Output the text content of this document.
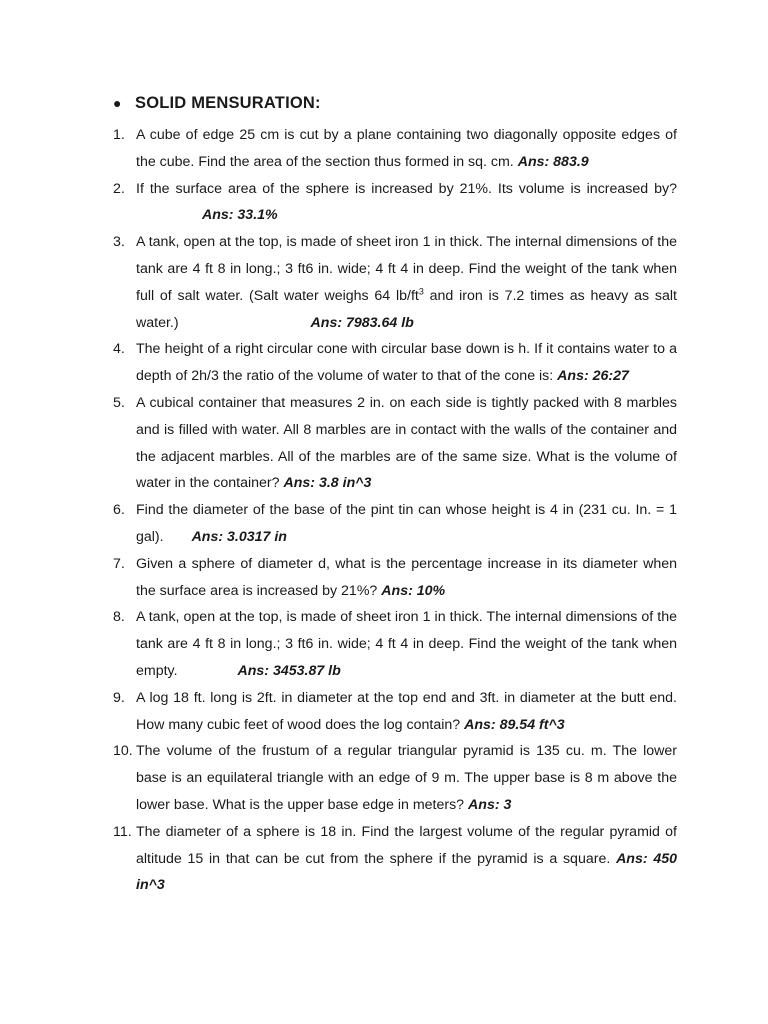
● SOLID MENSURATION:
1. A cube of edge 25 cm is cut by a plane containing two diagonally opposite edges of the cube. Find the area of the section thus formed in sq. cm. Ans: 883.9
2. If the surface area of the sphere is increased by 21%. Its volume is increased by? Ans: 33.1%
3. A tank, open at the top, is made of sheet iron 1 in thick. The internal dimensions of the tank are 4 ft 8 in long.; 3 ft6 in. wide; 4 ft 4 in deep. Find the weight of the tank when full of salt water. (Salt water weighs 64 $lb/ft^3$ and iron is 7.2 times as heavy as salt water.)	Ans: 7983.64 lb
4. The height of a right circular cone with circular base down is h. If it contains water to a depth of 2h/3 the ratio of the volume of water to that of the cone is: Ans: 26:27
5. A cubical container that measures 2 in. on each side is tightly packed with 8 marbles and is filled with water. All 8 marbles are in contact with the walls of the container and the adjacent marbles. All of the marbles are of the same size. What is the volume of water in the container? Ans: 3.8 in^3
6. Find the diameter of the base of the pint tin can whose height is 4 in (231 cu. In. = 1 gal). Ans: 3.0317 in
7. Given a sphere of diameter d, what is the percentage increase in its diameter when the surface area is increased by 21%? Ans: 10%
8. A tank, open at the top, is made of sheet iron 1 in thick. The internal dimensions of the tank are 4 ft 8 in long.; 3 ft6 in. wide; 4 ft 4 in deep. Find the weight of the tank when empty.	Ans: 3453.87 lb
9. A log 18 ft. long is 2ft. in diameter at the top end and 3ft. in diameter at the butt end. How many cubic feet of wood does the log contain? Ans: 89.54 ft^3
10. The volume of the frustum of a regular triangular pyramid is 135 cu. m. The lower base is an equilateral triangle with an edge of 9 m. The upper base is 8 m above the lower base. What is the upper base edge in meters? Ans: 3
11. The diameter of a sphere is 18 in. Find the largest volume of the regular pyramid of altitude 15 in that can be cut from the sphere if the pyramid is a square. Ans: 450 in^3
